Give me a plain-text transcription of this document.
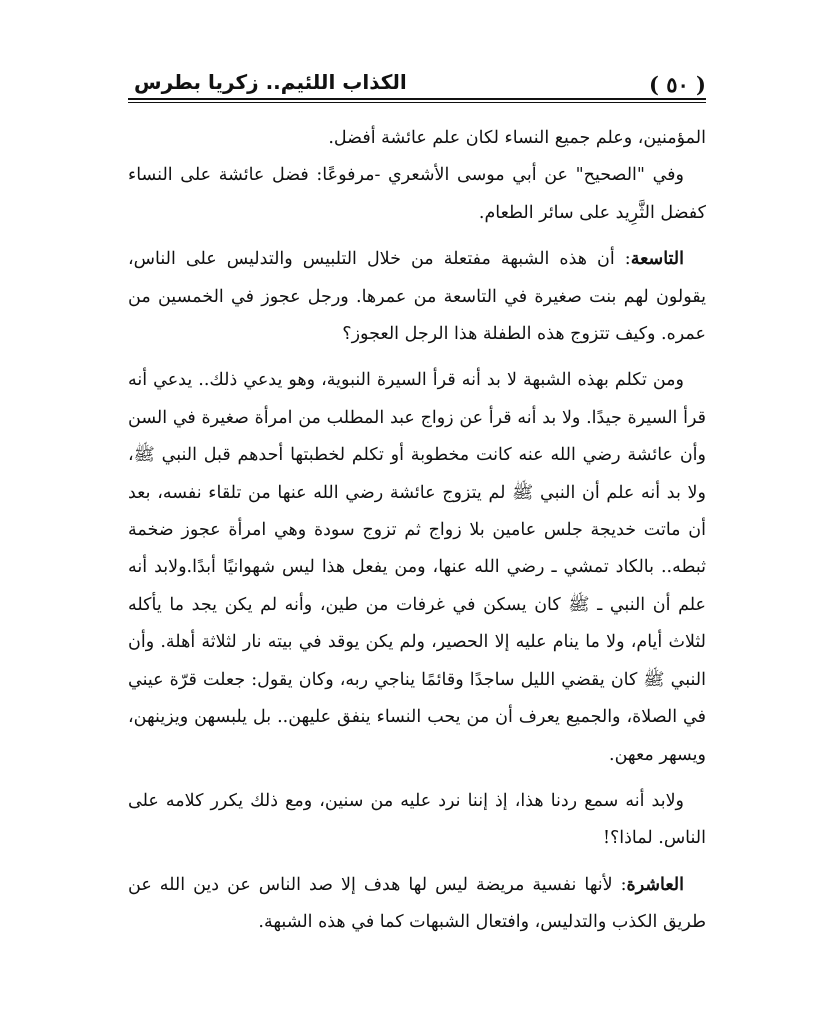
( ٥٠ )
الكذاب اللئيم.. زكريا بطرس

المؤمنين، وعلم جميع النساء لكان علم عائشة أفضل.

وفي "الصحيح" عن أبي موسى الأشعري -مرفوعًا: فضل عائشة على النساء كفضل الثَّرِيد على سائر الطعام.

التاسعة: أن هذه الشبهة مفتعلة من خلال التلبيس والتدليس على الناس، يقولون لهم بنت صغيرة في التاسعة من عمرها. ورجل عجوز في الخمسين من عمره. وكيف تتزوج هذه الطفلة هذا الرجل العجوز؟

ومن تكلم بهذه الشبهة لا بد أنه قرأ السيرة النبوية، وهو يدعي ذلك.. يدعي أنه قرأ السيرة جيدًا. ولا بد أنه قرأ عن زواج عبد المطلب من امرأة صغيرة في السن وأن عائشة رضي الله عنه كانت مخطوبة أو تكلم لخطبتها أحدهم قبل النبي ﷺ، ولا بد أنه علم أن النبي ﷺ لم يتزوج عائشة رضي الله عنها من تلقاء نفسه، بعد أن ماتت خديجة جلس عامين بلا زواج ثم تزوج سودة وهي امرأة عجوز ضخمة ثبطه.. بالكاد تمشي ـ رضي الله عنها، ومن يفعل هذا ليس شهوانيًا أبدًا.ولابد أنه علم أن النبي ـ ﷺ كان يسكن في غرفات من طين، وأنه لم يكن يجد ما يأكله لثلاث أيام، ولا ما ينام عليه إلا الحصير، ولم يكن يوقد في بيته نار لثلاثة أهلة. وأن النبي ﷺ كان يقضي الليل ساجدًا وقائمًا يناجي ربه، وكان يقول: جعلت قرّة عيني في الصلاة، والجميع يعرف أن من يحب النساء ينفق عليهن.. بل يلبسهن ويزينهن، ويسهر معهن.

ولابد أنه سمع ردنا هذا، إذ إننا نرد عليه من سنين، ومع ذلك يكرر كلامه على الناس. لماذا؟!

العاشرة: لأنها نفسية مريضة ليس لها هدف إلا صد الناس عن دين الله عن طريق الكذب والتدليس، وافتعال الشبهات كما في هذه الشبهة.
